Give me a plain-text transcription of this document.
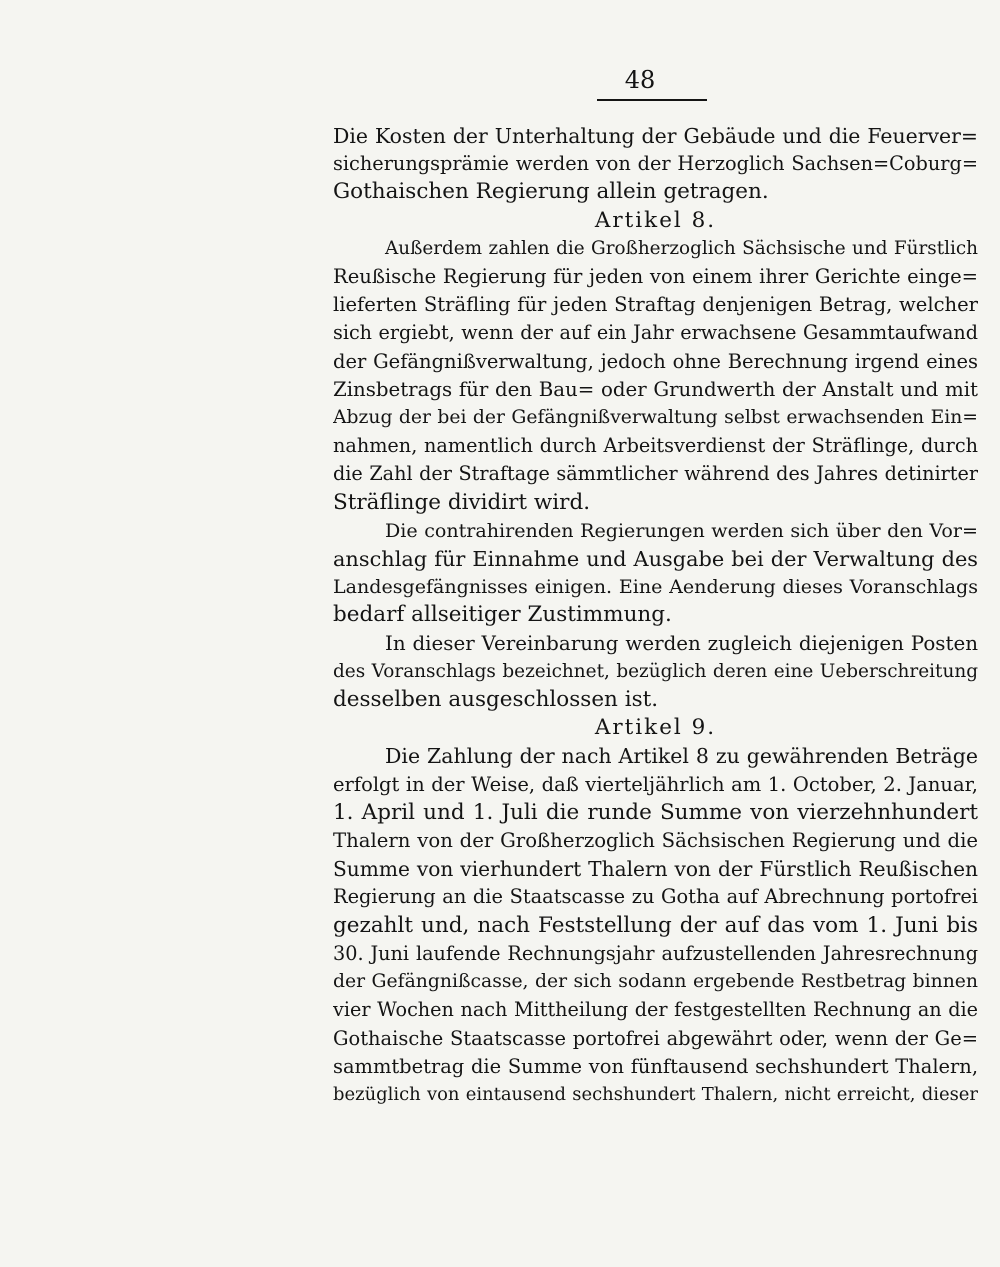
48
Die Kosten der Unterhaltung der Gebäude und die Feuerver=
sicherungsprämie werden von der Herzoglich Sachsen=Coburg=
Gothaischen Regierung allein getragen.
Artikel 8.
Außerdem zahlen die Großherzoglich Sächsische und Fürstlich
Reußische Regierung für jeden von einem ihrer Gerichte einge=
lieferten Sträfling für jeden Straftag denjenigen Betrag, welcher
sich ergiebt, wenn der auf ein Jahr erwachsene Gesammtaufwand
der Gefängnißverwaltung, jedoch ohne Berechnung irgend eines
Zinsbetrags für den Bau= oder Grundwerth der Anstalt und mit
Abzug der bei der Gefängnißverwaltung selbst erwachsenden Ein=
nahmen, namentlich durch Arbeitsverdienst der Sträflinge, durch
die Zahl der Straftage sämmtlicher während des Jahres detinirter
Sträflinge dividirt wird.
Die contrahirenden Regierungen werden sich über den Vor=
anschlag für Einnahme und Ausgabe bei der Verwaltung des
Landesgefängnisses einigen. Eine Aenderung dieses Voranschlags
bedarf allseitiger Zustimmung.
In dieser Vereinbarung werden zugleich diejenigen Posten
des Voranschlags bezeichnet, bezüglich deren eine Ueberschreitung
desselben ausgeschlossen ist.
Artikel 9.
Die Zahlung der nach Artikel 8 zu gewährenden Beträge
erfolgt in der Weise, daß vierteljährlich am 1. October, 2. Januar,
1. April und 1. Juli die runde Summe von vierzehnhundert
Thalern von der Großherzoglich Sächsischen Regierung und die
Summe von vierhundert Thalern von der Fürstlich Reußischen
Regierung an die Staatscasse zu Gotha auf Abrechnung portofrei
gezahlt und, nach Feststellung der auf das vom 1. Juni bis
30. Juni laufende Rechnungsjahr aufzustellenden Jahresrechnung
der Gefängnißcasse, der sich sodann ergebende Restbetrag binnen
vier Wochen nach Mittheilung der festgestellten Rechnung an die
Gothaische Staatscasse portofrei abgewährt oder, wenn der Ge=
sammtbetrag die Summe von fünftausend sechshundert Thalern,
bezüglich von eintausend sechshundert Thalern, nicht erreicht, dieser
